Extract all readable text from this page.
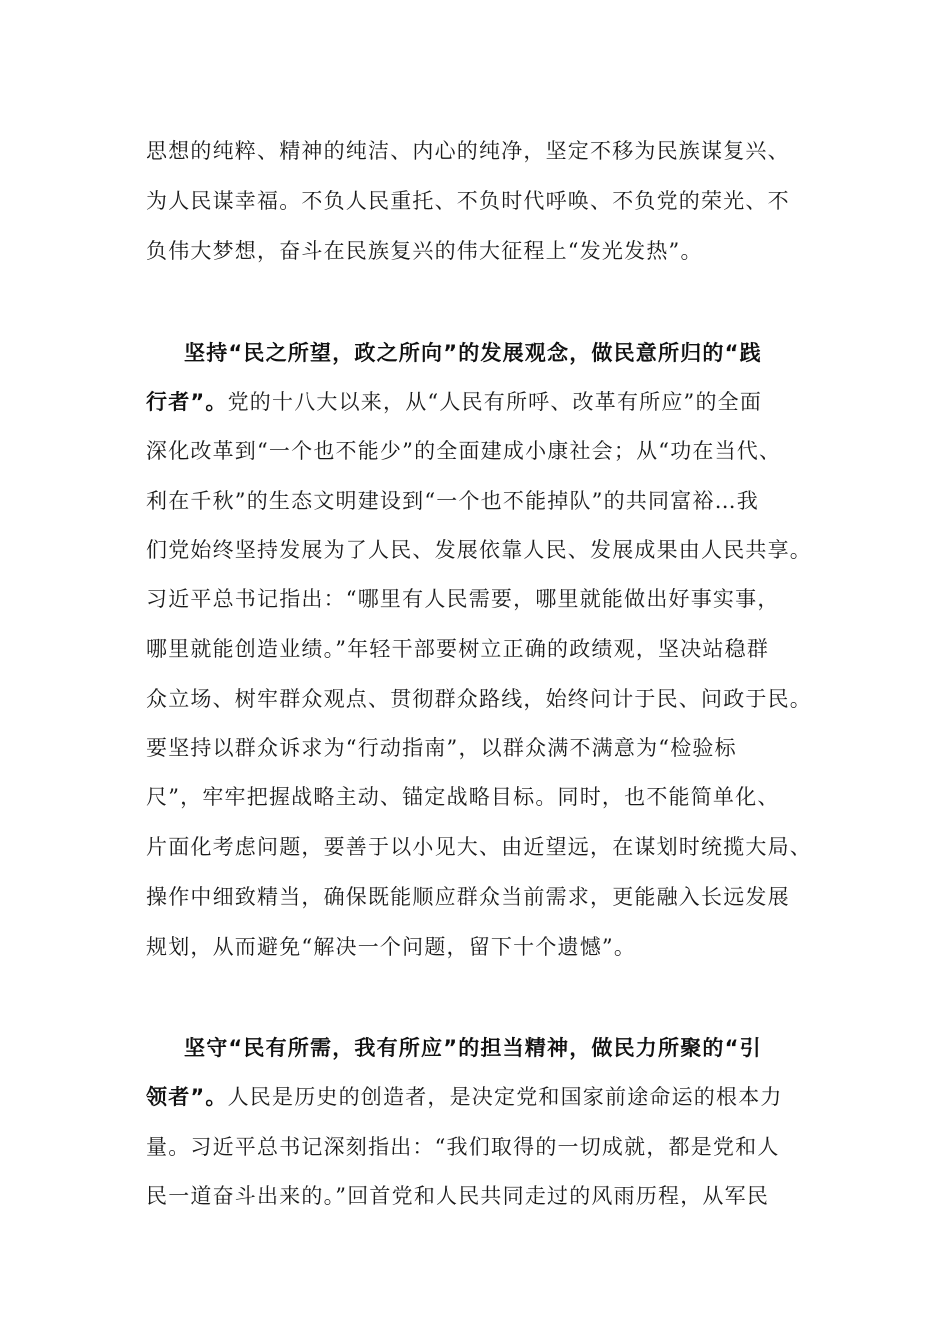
思想的纯粹、精神的纯洁、内心的纯净，坚定不移为民族谋复兴、
为人民谋幸福。不负人民重托、不负时代呼唤、不负党的荣光、不
负伟大梦想，奋斗在民族复兴的伟大征程上“发光发热”。
坚持“民之所望，政之所向”的发展观念，做民意所归的“践
行者”。党的十八大以来，从“人民有所呼、改革有所应”的全面
深化改革到“一个也不能少”的全面建成小康社会；从“功在当代、
利在千秋”的生态文明建设到“一个也不能掉队”的共同富裕…我
们党始终坚持发展为了人民、发展依靠人民、发展成果由人民共享。
习近平总书记指出：“哪里有人民需要，哪里就能做出好事实事，
哪里就能创造业绩。”年轻干部要树立正确的政绩观，坚决站稳群
众立场、树牢群众观点、贯彻群众路线，始终问计于民、问政于民。
要坚持以群众诉求为“行动指南”，以群众满不满意为“检验标
尺”，牢牢把握战略主动、锚定战略目标。同时，也不能简单化、
片面化考虑问题，要善于以小见大、由近望远，在谋划时统揽大局、
操作中细致精当，确保既能顺应群众当前需求，更能融入长远发展
规划，从而避免“解决一个问题，留下十个遗憾”。
坚守“民有所需，我有所应”的担当精神，做民力所聚的“引
领者”。人民是历史的创造者，是决定党和国家前途命运的根本力
量。习近平总书记深刻指出：“我们取得的一切成就，都是党和人
民一道奋斗出来的。”回首党和人民共同走过的风雨历程，从军民
